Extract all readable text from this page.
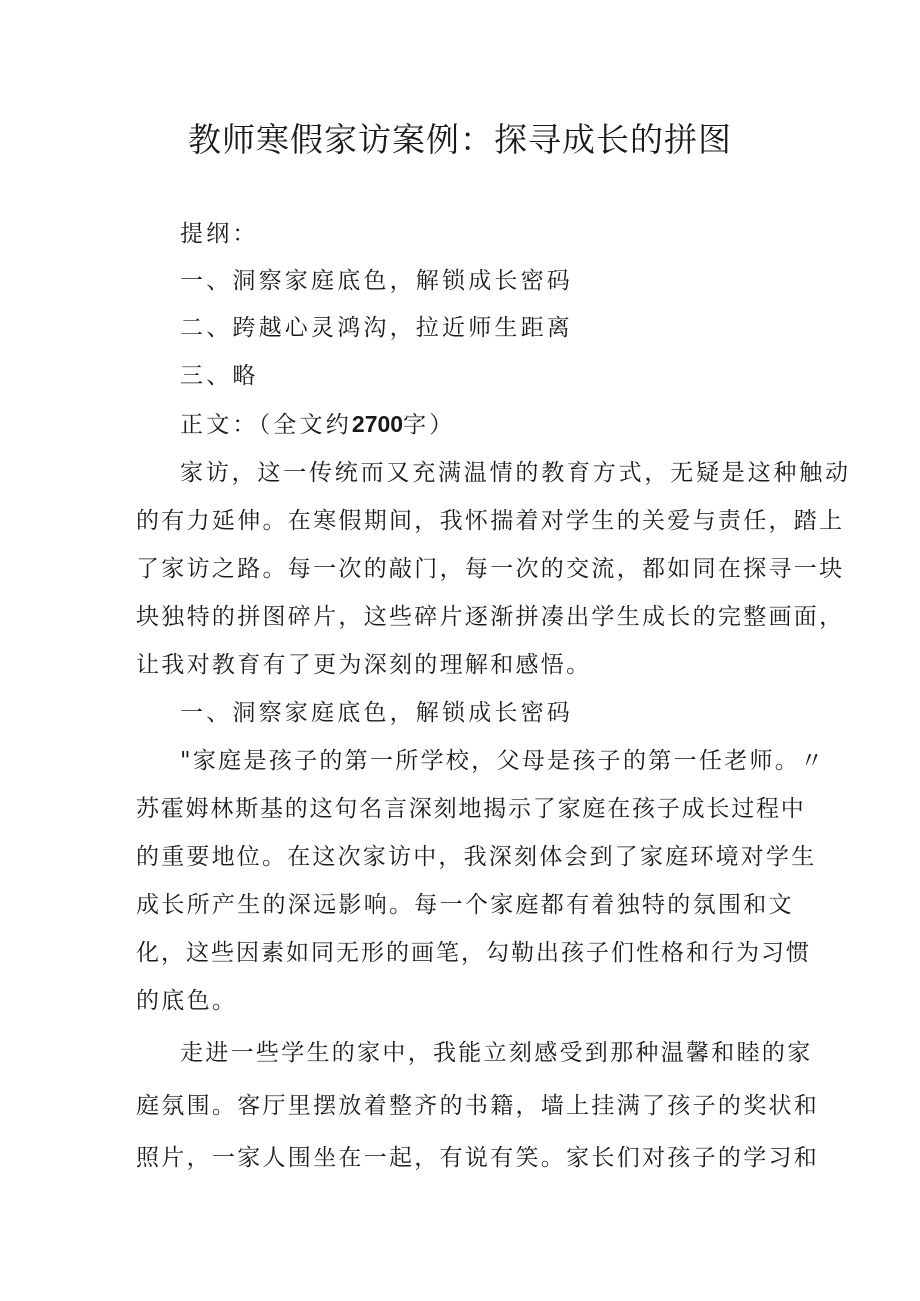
教师寒假家访案例：探寻成长的拼图
提纲：
一、洞察家庭底色，解锁成长密码
二、跨越心灵鸿沟，拉近师生距离
三、略
正文：（全文约2700字）
家访，这一传统而又充满温情的教育方式，无疑是这种触动
的有力延伸。在寒假期间，我怀揣着对学生的关爱与责任，踏上
了家访之路。每一次的敲门，每一次的交流，都如同在探寻一块
块独特的拼图碎片，这些碎片逐渐拼凑出学生成长的完整画面，
让我对教育有了更为深刻的理解和感悟。
一、洞察家庭底色，解锁成长密码
"家庭是孩子的第一所学校，父母是孩子的第一任老师。〃
苏霍姆林斯基的这句名言深刻地揭示了家庭在孩子成长过程中
的重要地位。在这次家访中，我深刻体会到了家庭环境对学生
成长所产生的深远影响。每一个家庭都有着独特的氛围和文
化，这些因素如同无形的画笔，勾勒出孩子们性格和行为习惯
的底色。
走进一些学生的家中，我能立刻感受到那种温馨和睦的家
庭氛围。客厅里摆放着整齐的书籍，墙上挂满了孩子的奖状和
照片，一家人围坐在一起，有说有笑。家长们对孩子的学习和
